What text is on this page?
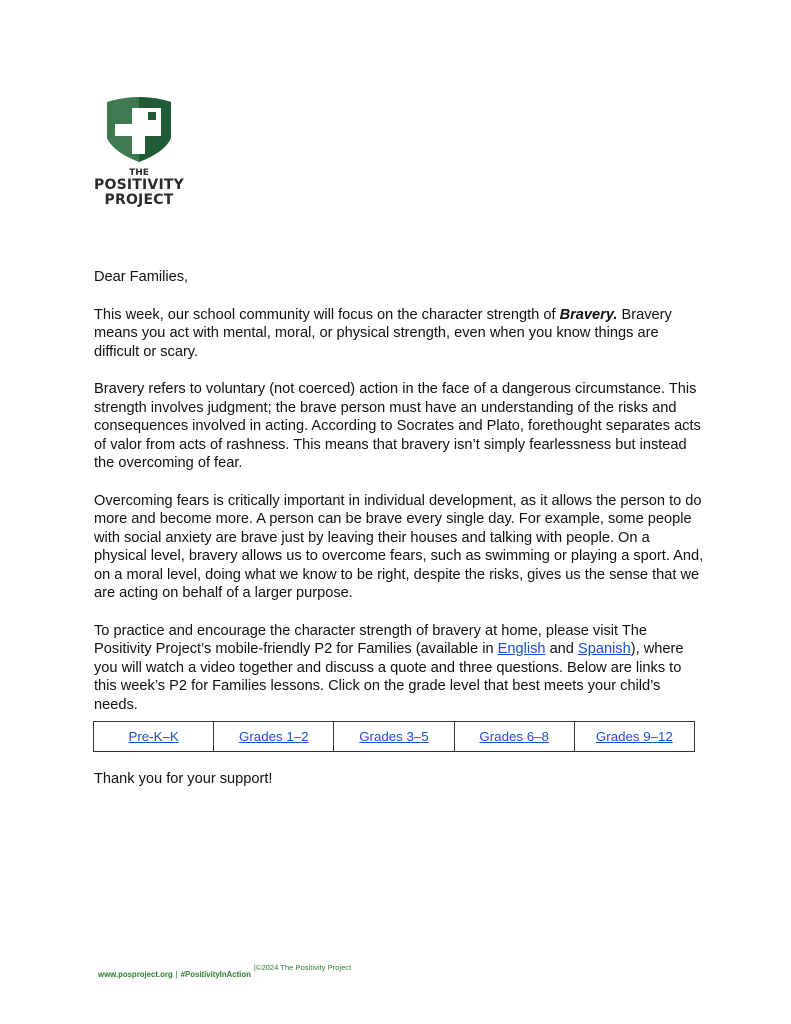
THE
POSITIVITY
PROJECT

Dear Families,

This week, our school community will focus on the character strength of Bravery. Bravery means you act with mental, moral, or physical strength, even when you know things are difficult or scary.

Bravery refers to voluntary (not coerced) action in the face of a dangerous circumstance. This strength involves judgment; the brave person must have an understanding of the risks and consequences involved in acting. According to Socrates and Plato, forethought separates acts of valor from acts of rashness. This means that bravery isn’t simply fearlessness but instead the overcoming of fear.

Overcoming fears is critically important in individual development, as it allows the person to do more and become more. A person can be brave every single day. For example, some people with social anxiety are brave just by leaving their houses and talking with people. On a physical level, bravery allows us to overcome fears, such as swimming or playing a sport. And, on a moral level, doing what we know to be right, despite the risks, gives us the sense that we are acting on behalf of a larger purpose.

To practice and encourage the character strength of bravery at home, please visit The Positivity Project’s mobile-friendly P2 for Families (available in English and Spanish), where you will watch a video together and discuss a quote and three questions. Below are links to this week’s P2 for Families lessons. Click on the grade level that best meets your child’s needs.

Pre-K–K	Grades 1–2	Grades 3–5	Grades 6–8	Grades 9–12
Thank you for your support!
www.posproject.org | #PositivityInAction|©2024 The Positivity Project
